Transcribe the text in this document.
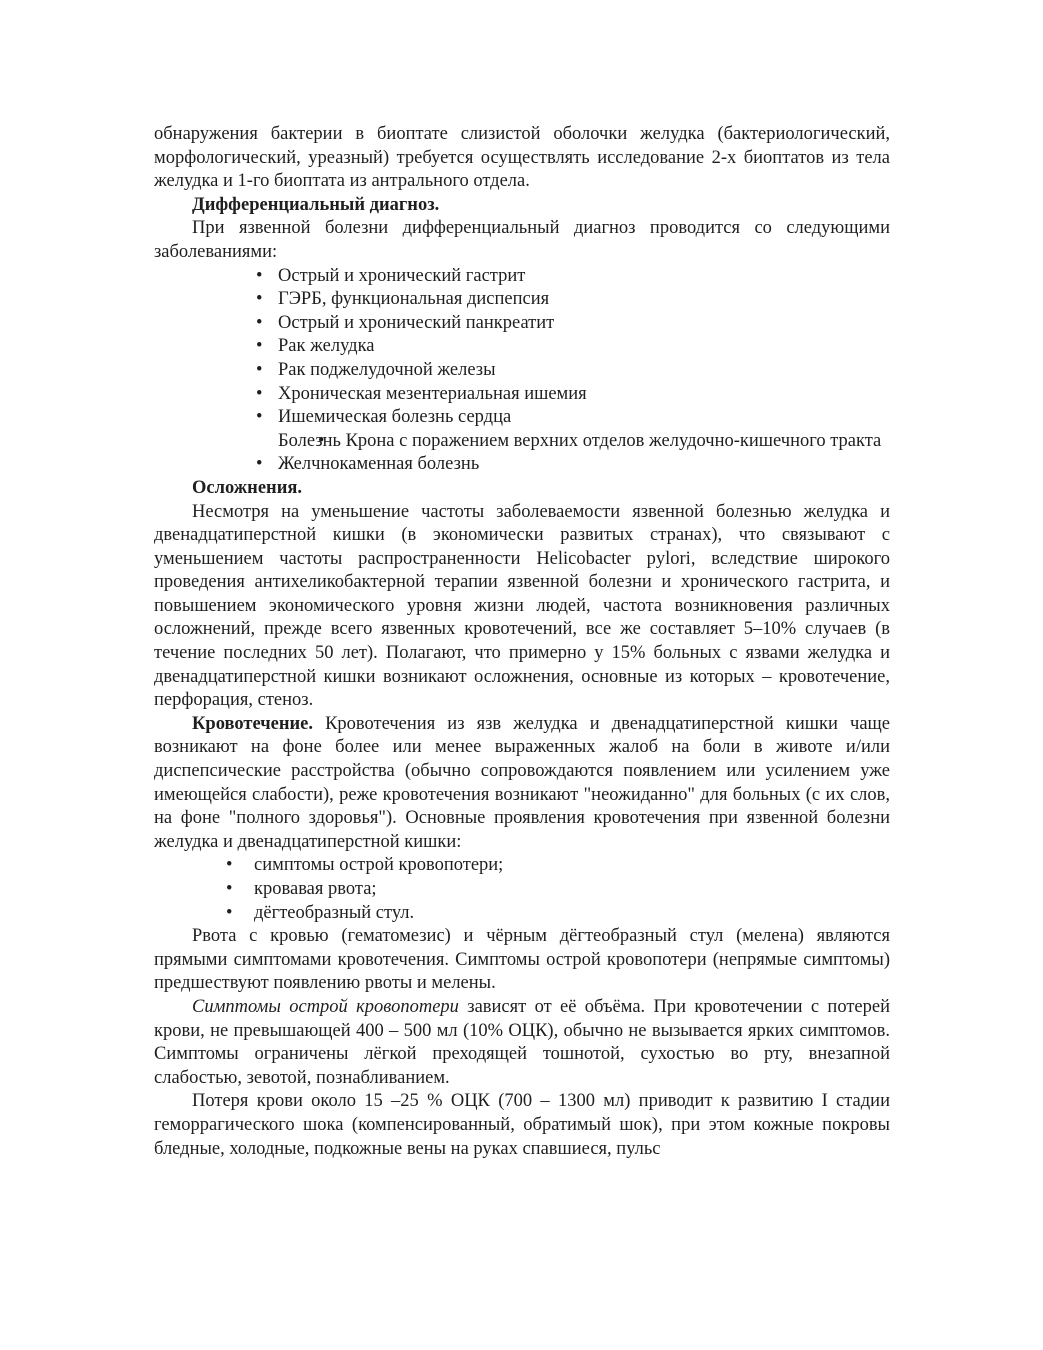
обнаружения бактерии в биоптате слизистой оболочки желудка (бактериологический, морфологический, уреазный) требуется осуществлять исследование 2-х биоптатов из тела желудка и 1-го биоптата из антрального отдела.

Дифференциальный диагноз.

При язвенной болезни дифференциальный диагноз проводится со следующими заболеваниями:

• Острый и хронический гастрит
• ГЭРБ, функциональная диспепсия
• Острый и хронический панкреатит
• Рак желудка
• Рак поджелудочной железы
• Хроническая мезентериальная ишемия
• Ишемическая болезнь сердца
• Болезнь Крона с поражением верхних отделов желудочно-кишечного тракта
• Желчнокаменная болезнь
Осложнения.

Несмотря на уменьшение частоты заболеваемости язвенной болезнью желудка и двенадцатиперстной кишки (в экономически развитых странах), что связывают с уменьшением частоты распространенности Helicobacter pylori, вследствие широкого проведения антихеликобактерной терапии язвенной болезни и хронического гастрита, и повышением экономического уровня жизни людей, частота возникновения различных осложнений, прежде всего язвенных кровотечений, все же составляет 5–10% случаев (в течение последних 50 лет). Полагают, что примерно у 15% больных с язвами желудка и двенадцатиперстной кишки возникают осложнения, основные из которых – кровотечение, перфорация, стеноз.

Кровотечение. Кровотечения из язв желудка и двенадцатиперстной кишки чаще возникают на фоне более или менее выраженных жалоб на боли в животе и/или диспепсические расстройства (обычно сопровождаются появлением или усилением уже имеющейся слабости), реже кровотечения возникают "неожиданно" для больных (с их слов, на фоне "полного здоровья"). Основные проявления кровотечения при язвенной болезни желудка и двенадцатиперстной кишки:

• симптомы острой кровопотери;
• кровавая рвота;
• дёгтеобразный стул.

Рвота с кровью (гематомезис) и чёрным дёгтеобразный стул (мелена) являются прямыми симптомами кровотечения. Симптомы острой кровопотери (непрямые симптомы) предшествуют появлению рвоты и мелены.

Симптомы острой кровопотери зависят от её объёма. При кровотечении с потерей крови, не превышающей 400 – 500 мл (10% ОЦК), обычно не вызывается ярких симптомов. Симптомы ограничены лёгкой преходящей тошнотой, сухостью во рту, внезапной слабостью, зевотой, познабливанием.

Потеря крови около 15 –25 % ОЦК (700 – 1300 мл) приводит к развитию I стадии геморрагического шока (компенсированный, обратимый шок), при этом кожные покровы бледные, холодные, подкожные вены на руках спавшиеся, пульс
